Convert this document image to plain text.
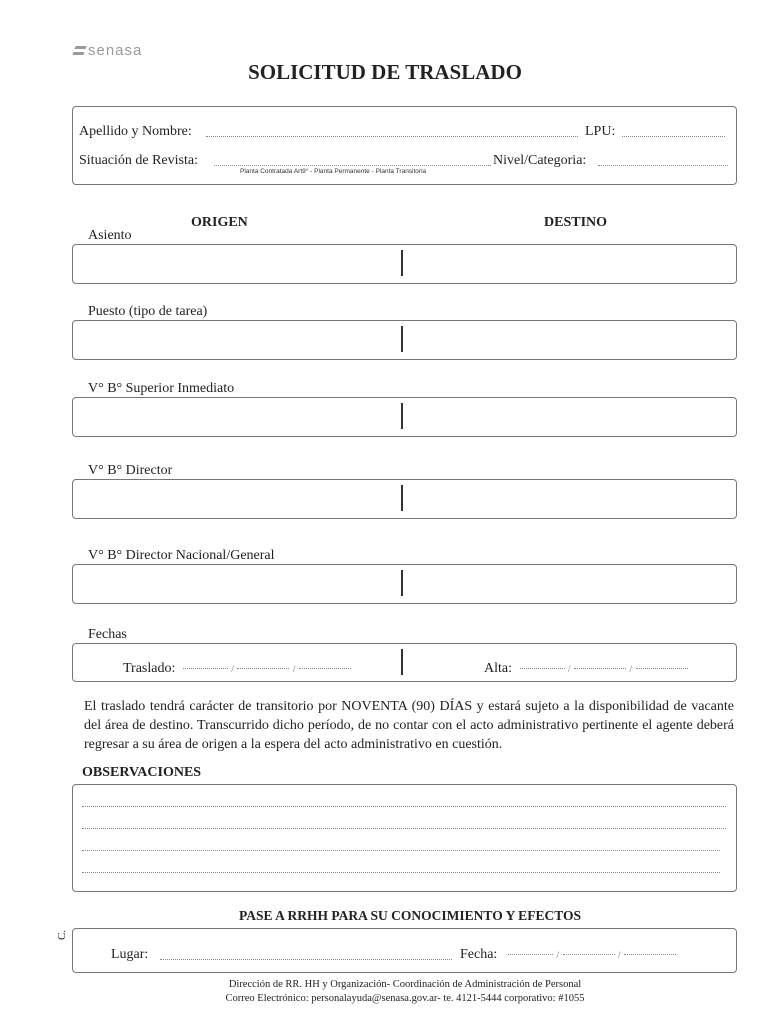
senasa
SOLICITUD DE TRASLADO
Apellido y Nombre:	LPU:
Situación de Revista:
Planta Contratada Art9° - Planta Permanente - Planta Transitoria
Nivel/Categoria:
ORIGEN	DESTINO
Asiento
Puesto (tipo de tarea)
V° B° Superior Inmediato
V° B° Director
V° B° Director Nacional/General
Fechas
Traslado:	/	/	Alta:	/	/
El traslado tendrá carácter de transitorio por NOVENTA (90) DÍAS y estará sujeto a la disponibilidad de vacante del área de destino. Transcurrido dicho período, de no contar con el acto administrativo pertinente el agente deberá regresar a su área de origen a la espera del acto administrativo en cuestión.
OBSERVACIONES
PASE A RRHH PARA SU CONOCIMIENTO Y EFECTOS
C.
Lugar:	Fecha:	/	/
Dirección de RR. HH y Organización- Coordinación de Administración de Personal
Correo Electrónico: personalayuda@senasa.gov.ar- te. 4121-5444 corporativo: #1055
